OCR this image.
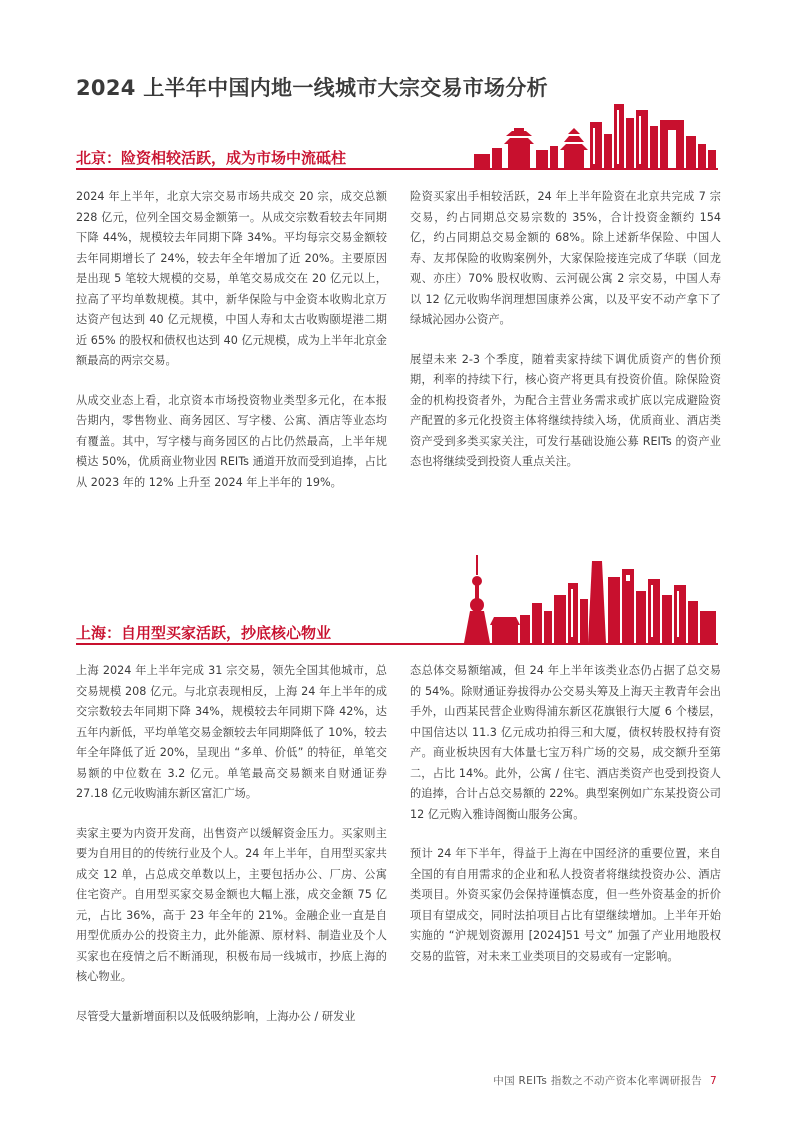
2024 上半年中国内地一线城市大宗交易市场分析
北京：险资相较活跃，成为市场中流砥柱

2024 年上半年，北京大宗交易市场共成交 20 宗，成交总额 228 亿元，位列全国交易金额第一。从成交宗数看较去年同期下降 44%，规模较去年同期下降 34%。平均每宗交易金额较去年同期增长了 24%，较去年全年增加了近 20%。主要原因是出现 5 笔较大规模的交易，单笔交易成交在 20 亿元以上，拉高了平均单数规模。其中，新华保险与中金资本收购北京万达资产包达到 40 亿元规模，中国人寿和太古收购颐堤港二期近 65% 的股权和债权也达到 40 亿元规模，成为上半年北京金额最高的两宗交易。

从成交业态上看，北京资本市场投资物业类型多元化，在本报告期内，零售物业、商务园区、写字楼、公寓、酒店等业态均有覆盖。其中，写字楼与商务园区的占比仍然最高，上半年规模达 50%，优质商业物业因 REITs 通道开放而受到追捧，占比从 2023 年的 12% 上升至 2024 年上半年的 19%。

险资买家出手相较活跃，24 年上半年险资在北京共完成 7 宗交易，约占同期总交易宗数的 35%，合计投资金额约 154 亿，约占同期总交易金额的 68%。除上述新华保险、中国人寿、友邦保险的收购案例外，大家保险接连完成了华联（回龙观、亦庄）70% 股权收购、云河砚公寓 2 宗交易，中国人寿以 12 亿元收购华润理想国康养公寓，以及平安不动产拿下了绿城沁园办公资产。

展望未来 2-3 个季度，随着卖家持续下调优质资产的售价预期，利率的持续下行，核心资产将更具有投资价值。除保险资金的机构投资者外，为配合主营业务需求或扩底以完成避险资产配置的多元化投资主体将继续持续入场，优质商业、酒店类资产受到多类买家关注，可发行基础设施公募 REITs 的资产业态也将继续受到投资人重点关注。

上海：自用型买家活跃，抄底核心物业

上海 2024 年上半年完成 31 宗交易，领先全国其他城市，总交易规模 208 亿元。与北京表现相反，上海 24 年上半年的成交宗数较去年同期下降 34%，规模较去年同期下降 42%，达五年内新低，平均单笔交易金额较去年同期降低了 10%，较去年全年降低了近 20%，呈现出 “多单、价低” 的特征，单笔交易额的中位数在 3.2 亿元。单笔最高交易额来自财通证券 27.18 亿元收购浦东新区富汇广场。

卖家主要为内资开发商，出售资产以缓解资金压力。买家则主要为自用目的的传统行业及个人。24 年上半年，自用型买家共成交 12 单，占总成交单数以上，主要包括办公、厂房、公寓住宅资产。自用型买家交易金额也大幅上涨，成交金额 75 亿元，占比 36%，高于 23 年全年的 21%。金融企业一直是自用型优质办公的投资主力，此外能源、原材料、制造业及个人买家也在疫情之后不断涌现，积极布局一线城市，抄底上海的核心物业。

尽管受大量新增面积以及低吸纳影响，上海办公 / 研发业

态总体交易额缩减，但 24 年上半年该类业态仍占据了总交易的 54%。除财通证券拔得办公交易头筹及上海天主教青年会出手外，山西某民营企业购得浦东新区花旗银行大厦 6 个楼层，中国信达以 11.3 亿元成功拍得三和大厦，债权转股权持有资产。商业板块因有大体量七宝万科广场的交易，成交额升至第二，占比 14%。此外，公寓 / 住宅、酒店类资产也受到投资人的追捧，合计占总交易额的 22%。典型案例如广东某投资公司 12 亿元购入雅诗阁衡山服务公寓。

预计 24 年下半年，得益于上海在中国经济的重要位置，来自全国的有自用需求的企业和私人投资者将继续投资办公、酒店类项目。外资买家仍会保持谨慎态度，但一些外资基金的折价项目有望成交，同时法拍项目占比有望继续增加。上半年开始实施的 “沪规划资源用 [2024]51 号文” 加强了产业用地股权交易的监管，对未来工业类项目的交易或有一定影响。

中国 REITs 指数之不动产资本化率调研报告 7
